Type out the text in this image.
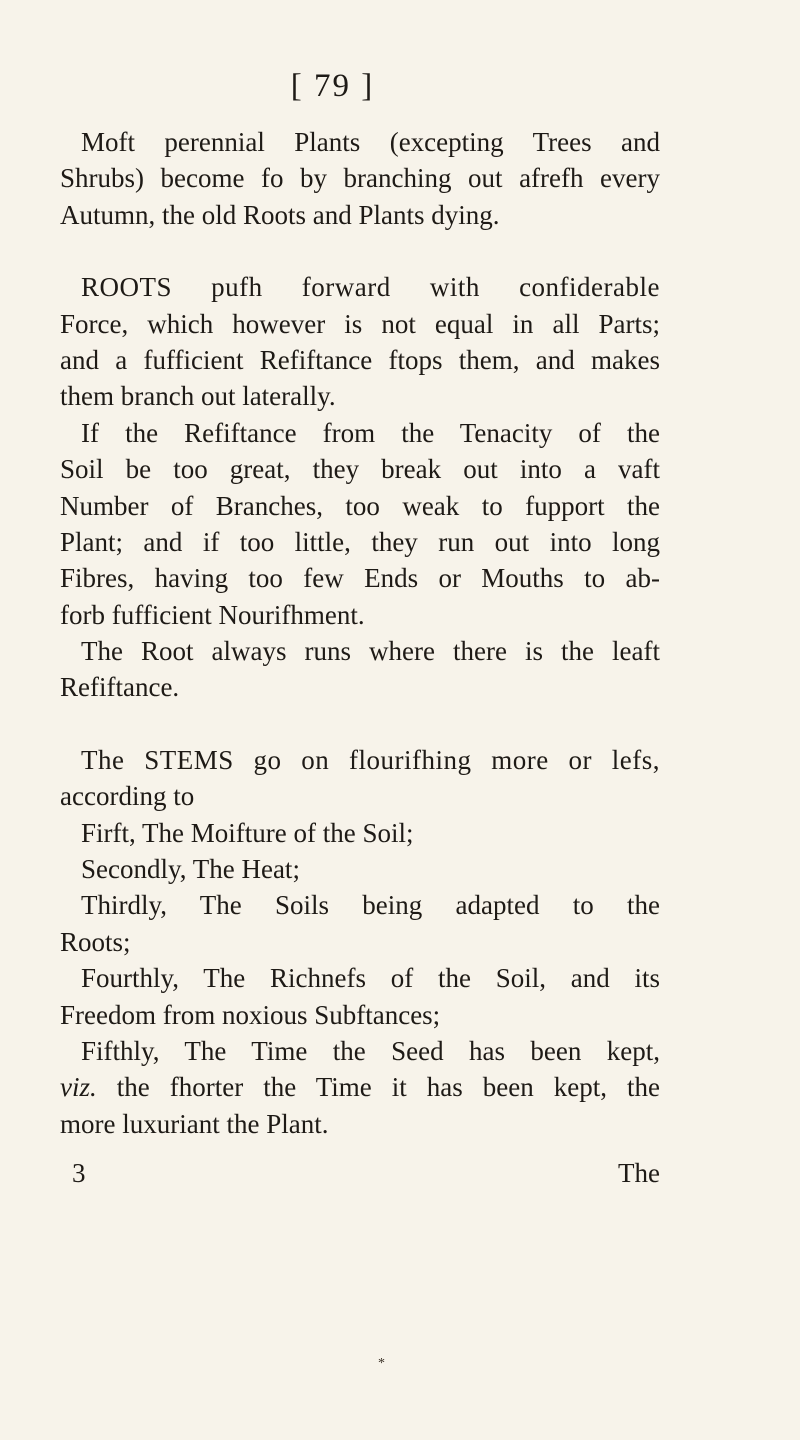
[ 79 ]
Moft perennial Plants (excepting Trees and
Shrubs) become fo by branching out afrefh every
Autumn, the old Roots and Plants dying.
ROOTS pufh forward with confiderable
Force, which however is not equal in all Parts;
and a fufficient Refiftance ftops them, and makes
them branch out laterally.
If the Refiftance from the Tenacity of the
Soil be too great, they break out into a vaft
Number of Branches, too weak to fupport the
Plant; and if too little, they run out into long
Fibres, having too few Ends or Mouths to ab-
forb fufficient Nourifhment.
The Root always runs where there is the leaft
Refiftance.
The STEMS go on flourifhing more or lefs,
according to
Firft, The Moifture of the Soil;
Secondly, The Heat;
Thirdly, The Soils being adapted to the
Roots;
Fourthly, The Richnefs of the Soil, and its
Freedom from noxious Subftances;
Fifthly, The Time the Seed has been kept,
viz. the fhorter the Time it has been kept, the
more luxuriant the Plant.
3	The
*
